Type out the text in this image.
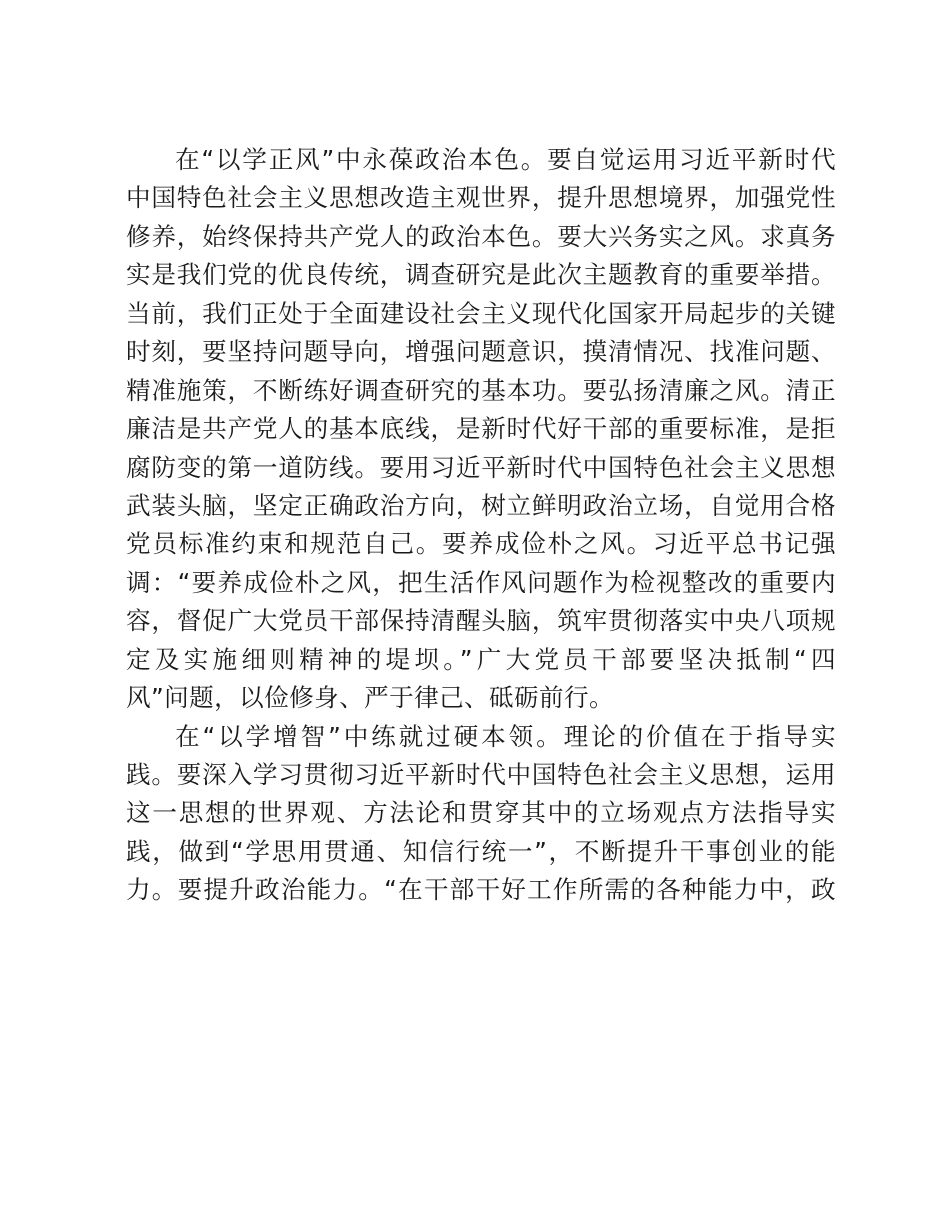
在“以学正风”中永葆政治本色。要自觉运用习近平新时代
中国特色社会主义思想改造主观世界，提升思想境界，加强党性
修养，始终保持共产党人的政治本色。要大兴务实之风。求真务
实是我们党的优良传统，调查研究是此次主题教育的重要举措。
当前，我们正处于全面建设社会主义现代化国家开局起步的关键
时刻，要坚持问题导向，增强问题意识，摸清情况、找准问题、
精准施策，不断练好调查研究的基本功。要弘扬清廉之风。清正
廉洁是共产党人的基本底线，是新时代好干部的重要标准，是拒
腐防变的第一道防线。要用习近平新时代中国特色社会主义思想
武装头脑，坚定正确政治方向，树立鲜明政治立场，自觉用合格
党员标准约束和规范自己。要养成俭朴之风。习近平总书记强
调：“要养成俭朴之风，把生活作风问题作为检视整改的重要内
容，督促广大党员干部保持清醒头脑，筑牢贯彻落实中央八项规
定及实施细则精神的堤坝。”广大党员干部要坚决抵制“四
风”问题，以俭修身、严于律己、砥砺前行。
在“以学增智”中练就过硬本领。理论的价值在于指导实
践。要深入学习贯彻习近平新时代中国特色社会主义思想，运用
这一思想的世界观、方法论和贯穿其中的立场观点方法指导实
践，做到“学思用贯通、知信行统一”，不断提升干事创业的能
力。要提升政治能力。“在干部干好工作所需的各种能力中，政
